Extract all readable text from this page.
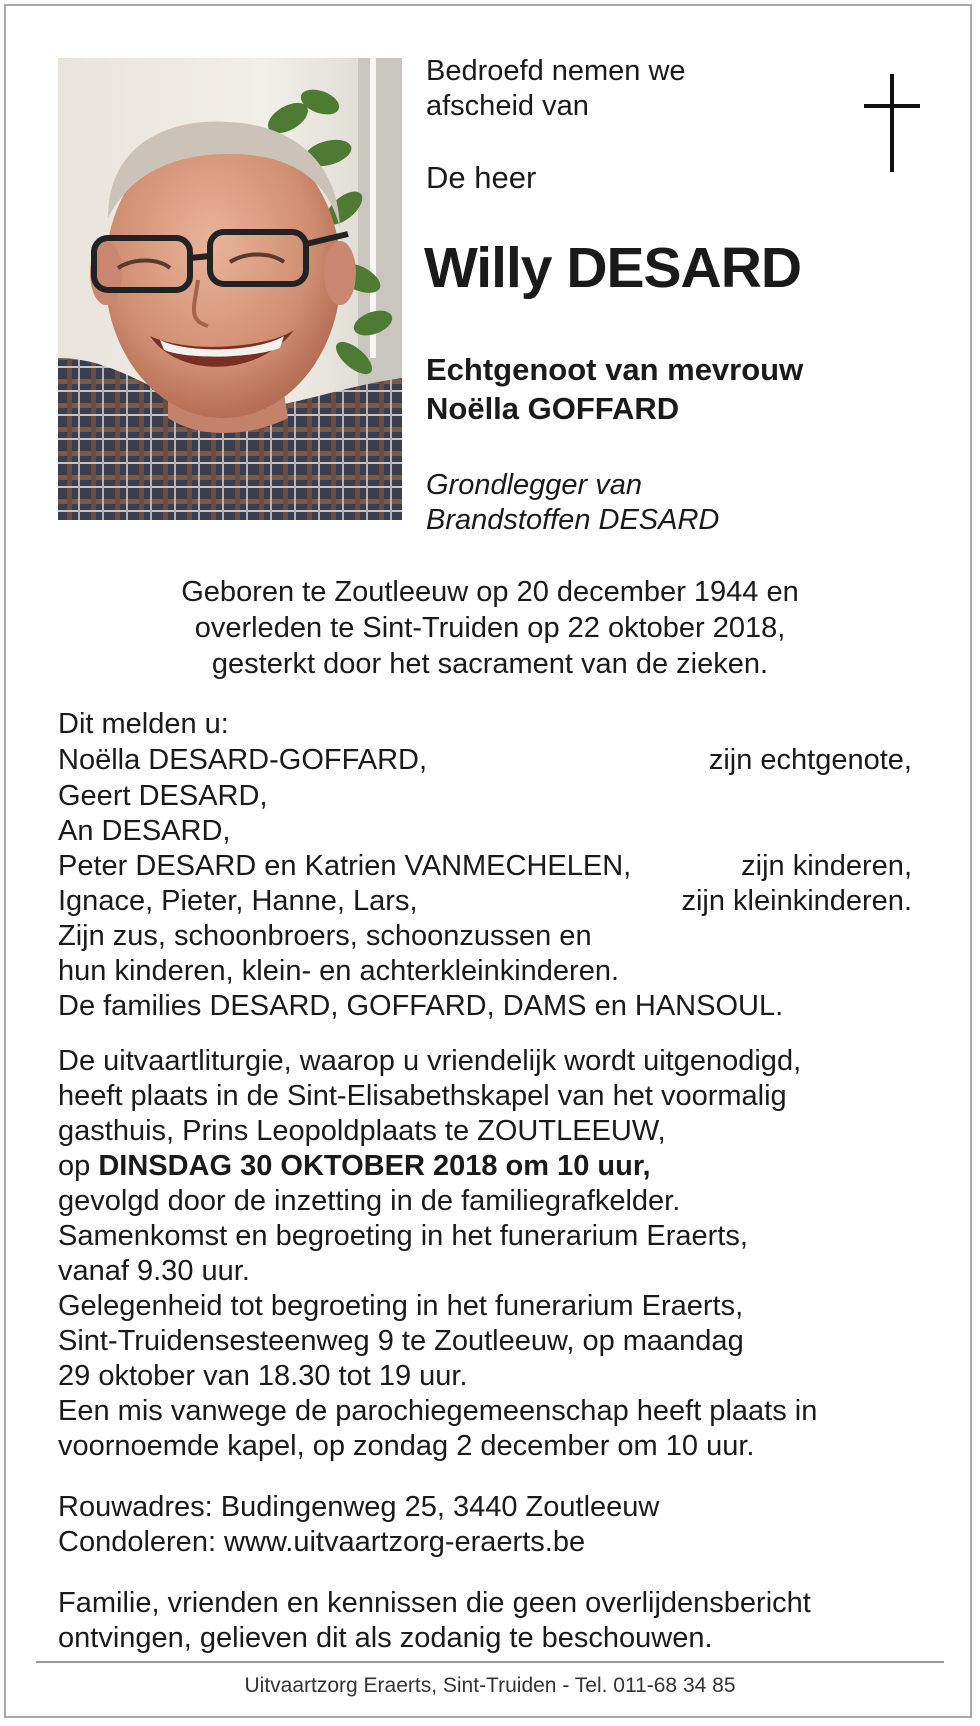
Bedroefd nemen we
afscheid van
De heer
Willy DESARD
Echtgenoot van mevrouw
Noëlla GOFFARD
Grondlegger van
Brandstoffen DESARD
Geboren te Zoutleeuw op 20 december 1944 en
overleden te Sint-Truiden op 22 oktober 2018,
gesterkt door het sacrament van de zieken.
Dit melden u:
Noëlla DESARD-GOFFARD,	zijn echtgenote,
Geert DESARD,
An DESARD,
Peter DESARD en Katrien VANMECHELEN,	zijn kinderen,
Ignace, Pieter, Hanne, Lars,	zijn kleinkinderen.
Zijn zus, schoonbroers, schoonzussen en
hun kinderen, klein- en achterkleinkinderen.
De families DESARD, GOFFARD, DAMS en HANSOUL.
De uitvaartliturgie, waarop u vriendelijk wordt uitgenodigd,
heeft plaats in de Sint-Elisabethskapel van het voormalig
gasthuis, Prins Leopoldplaats te ZOUTLEEUW,
op DINSDAG 30 OKTOBER 2018 om 10 uur,
gevolgd door de inzetting in de familiegrafkelder.
Samenkomst en begroeting in het funerarium Eraerts,
vanaf 9.30 uur.
Gelegenheid tot begroeting in het funerarium Eraerts,
Sint-Truidensesteenweg 9 te Zoutleeuw, op maandag
29 oktober van 18.30 tot 19 uur.
Een mis vanwege de parochiegemeenschap heeft plaats in
voornoemde kapel, op zondag 2 december om 10 uur.
Rouwadres: Budingenweg 25, 3440 Zoutleeuw
Condoleren: www.uitvaartzorg-eraerts.be
Familie, vrienden en kennissen die geen overlijdensbericht
ontvingen, gelieven dit als zodanig te beschouwen.
Uitvaartzorg Eraerts, Sint-Truiden - Tel. 011-68 34 85
